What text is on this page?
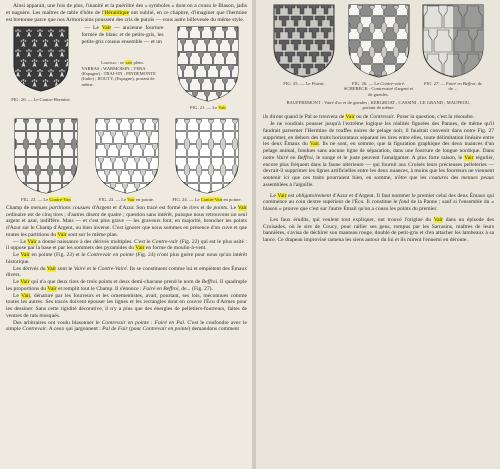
Ainsi apparait, une fois de plus, l'inanité et la puérilité des « symboles » dont on a cousu le Blason, jadis et naguère. Les maîtres de table d'hôte de l'Héraldique ont oublié, en ce chapitre, d'imaginer que l'hermine est bretonne parce que nos Armoricains poussent des cris de putois — vous autre billevesée du même style.

FIG. 20. — Le Contre-Hermine.

— Le Vair — ancienne fourrure formée de blanc et de petits-gris, les petits-gris cousus ensemble — et un

Loredan : de vair plein.

VARRAS ; WARMOISIN ; VERA (Espagne) ; TRAI-ON ; PINDEMONTE (Italie) ; ROUTY, (Espagne), portant de même.

FIG. 21. — Le Vair
FIG. 22. — Le Contre-Vair	FIG. 23. — Le Vair en pointe.	FIG. 24. — Le Contre-Vair en pointe.

Champ de menues partitions cousues d'Argent et d'Azur. Son tracé est formé de tires et de points. Le Vair ordinaire est de cinq tires ; d'autres disent de quatre ; question sans intérêt, puisque nous retrouvons un seul argent et azur, indiffère. Mais — et c'est plus grave — les graveurs font, en majorité, broncher les points d'Azur sur le Champ d'Argent, ou bien inverse. C'est ignorer que nous sommes en présence d'un cuve et que toutes les partitions du Vair sont sur le même plan.

— Le Vair a donné naissance à des dérivés multiples. C'est le Contre-vair (Fig. 22) qui est le plus usité : il oppose par la base et par les sommets des pyramides du Vair en forme de moulin-à-vent.

Le Vair en pointe (Fig. 23) et le Contrevair en pointe (Fig. 24) n'ont plus guère pour nous qu'un intérêt historique.

Les dérivés du Vair sont le Vairé et le Contre-Vairé. Ils se constituent comme lui et empiètent des Émaux divers.

Le Vair qui n'a que deux tires de trois points et deux demi-chacune prend le nom de Beffroi. Il quadruple les proportions du Vair et remplit tout le Champ. Il s'énonce : Fairé en Beffroi, de... (Fig. 27).

Le Vair, dénaturé par les fourreurs et les ornementistes, avait, pourtant, ses lois, méconnues comme toutes les autres. Ses tracés doivent épouser les lignes et les rectangles dont on couvre l'Écu d'Armes pour les dessiner. Sans cette rigidité décorative, il n'y a plus que des énergies de pelletiers-fourreurs, faites de ventres de rats musqués.

Des arbitraires ont voulu blasonner le Contrevair en pointe : Fairé en Pal. C'est le confondre avec le simple Contrevair. A ceux qui jargonnent : Pal de Fair (pour Contrevair en pointe) demandons comment

FIG. 25. — Le Potent.	FIG. 26. — Le Contre-vairé.
SCHEBECK : Contrevairé d'argent et de gueules.
FIG. 27. — Fairé en Beffroi, de
de ...

BAUFFREMONT : Vairé d'or et de gueules ; KERGROAT ; CASSINI ; LE GRAND ; MAUPEOU, portant de même.

ils diront quand le Pal se trouvera de Vair ou de Contrevair. Poser la question, c'est la résoudre.

Je ne voudrais pousser jusqu'à l'extrême logique les réalités figurées des Pannes, de même qu'il faudrait parsemer l'Hermine de touffes noires de pelage noir, il faudrait convenir dans notre Fig. 27 supprimer, en dehors des traits horizontaux séparant les tires entre elles, toute délimitation linéaire entre les deux Émaux du Vair. Ils ne sont, en somme, que la figuration graphique des deux nuances d'un pelage animal, fondues sans aucune ligne de séparation, dans une fourrure de longue nordique. Dans notre Vairé en Beffroi, le songe et le juste peuvent l'amalgamer. A plus forte raison, le Vair régulier, encore plus fréquent dans la faune ultérieure — qui fournit aux Croisés leurs précieuses pelleteries — devrait-il supprimer les lignes artificielles entre les deux nuances, à moins que les fourreurs ne viennent soutenir ici que ces traits pourraient bien, en somme, n'être que les coutures des menues peaux assemblées à l'aiguille.

Le Vair est obligatoirement d'Azur et d'Argent. Il faut nommer le premier celui des deux Émaux qui commence au coin dextre supérieur de l'Écu. Il constitue le fond de la Panne ; sauf si l'ensemble du « blason » prouve que c'est sur l'autre Émail qu'on a cousu les points du premier.

Les faux érudits, qui veulent tout expliquer, ont trouvé l'origine du Vair dans un épisode des Croisades, où le sire de Coucy, pour rallier ses gens, rompus par les Sarrasins, maîtres de leurs bannières, s'avisa de déchirer son manteau rouge, doublé de petit-gris et d'en attacher les lambeaux à sa lance. Ce drapeau improvisé ramena les siens autour du lui et ils mirent l'ennemi en déroute.
